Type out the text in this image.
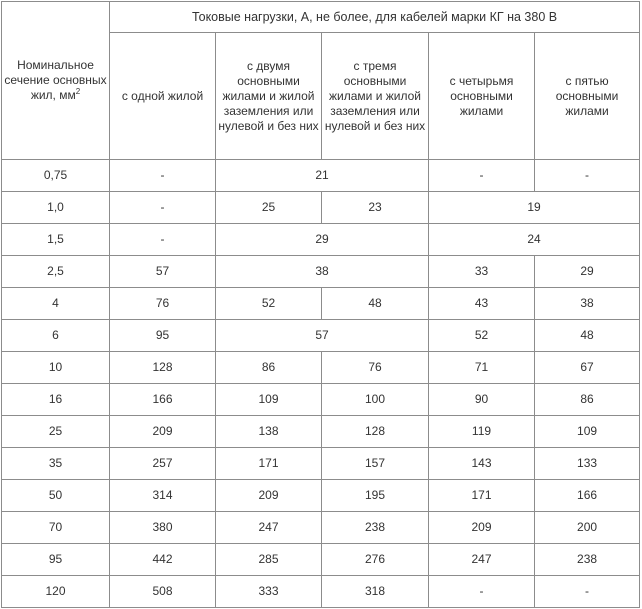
Номинальное сечение основных жил, $мм^2$	Токовые нагрузки, А, не более, для кабелей марки КГ на 380 В				
	с одной жилой	с двумя основными жилами и жилой заземления или нулевой и без них	с тремя основными жилами и жилой заземления или нулевой и без них	с четырьмя основными жилами	с пятью основными жилами
0,75	-	21		-	-
1,0	-	25	23	19	
1,5	-	29		24	
2,5	57	38		33	29
4	76	52	48	43	38
6	95	57		52	48
10	128	86	76	71	67
16	166	109	100	90	86
25	209	138	128	119	109
35	257	171	157	143	133
50	314	209	195	171	166
70	380	247	238	209	200
95	442	285	276	247	238
120	508	333	318	-	-
